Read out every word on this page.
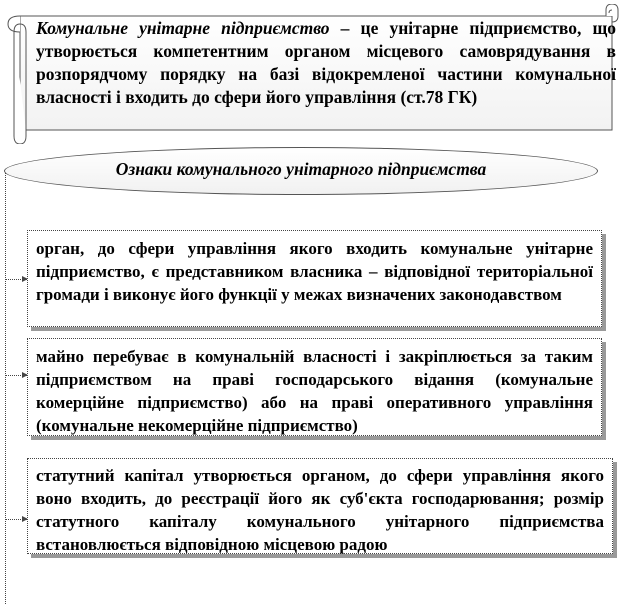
Комунальне унітарне підприємство – це унітарне підприємство, що утворюється компетентним органом місцевого самоврядування в розпорядчому порядку на базі відокремленої частини комунальної власності і входить до сфери його управління (ст.78 ГК)
Ознаки комунального унітарного підприємства
орган, до сфери управління якого входить комунальне унітарне підприємство, є представником власника – відповідної територіальної громади і виконує його функції у межах визначених законодавством
майно перебуває в комунальній власності і закріплюється за таким підприємством на праві господарського відання (комунальне комерційне підприємство) або на праві оперативного управління (комунальне некомерційне підприємство)
статутний капітал утворюється органом, до сфери управління якого воно входить, до реєстрації його як суб'єкта господарювання; розмір статутного капіталу комунального унітарного підприємства встановлюється відповідною місцевою радою
